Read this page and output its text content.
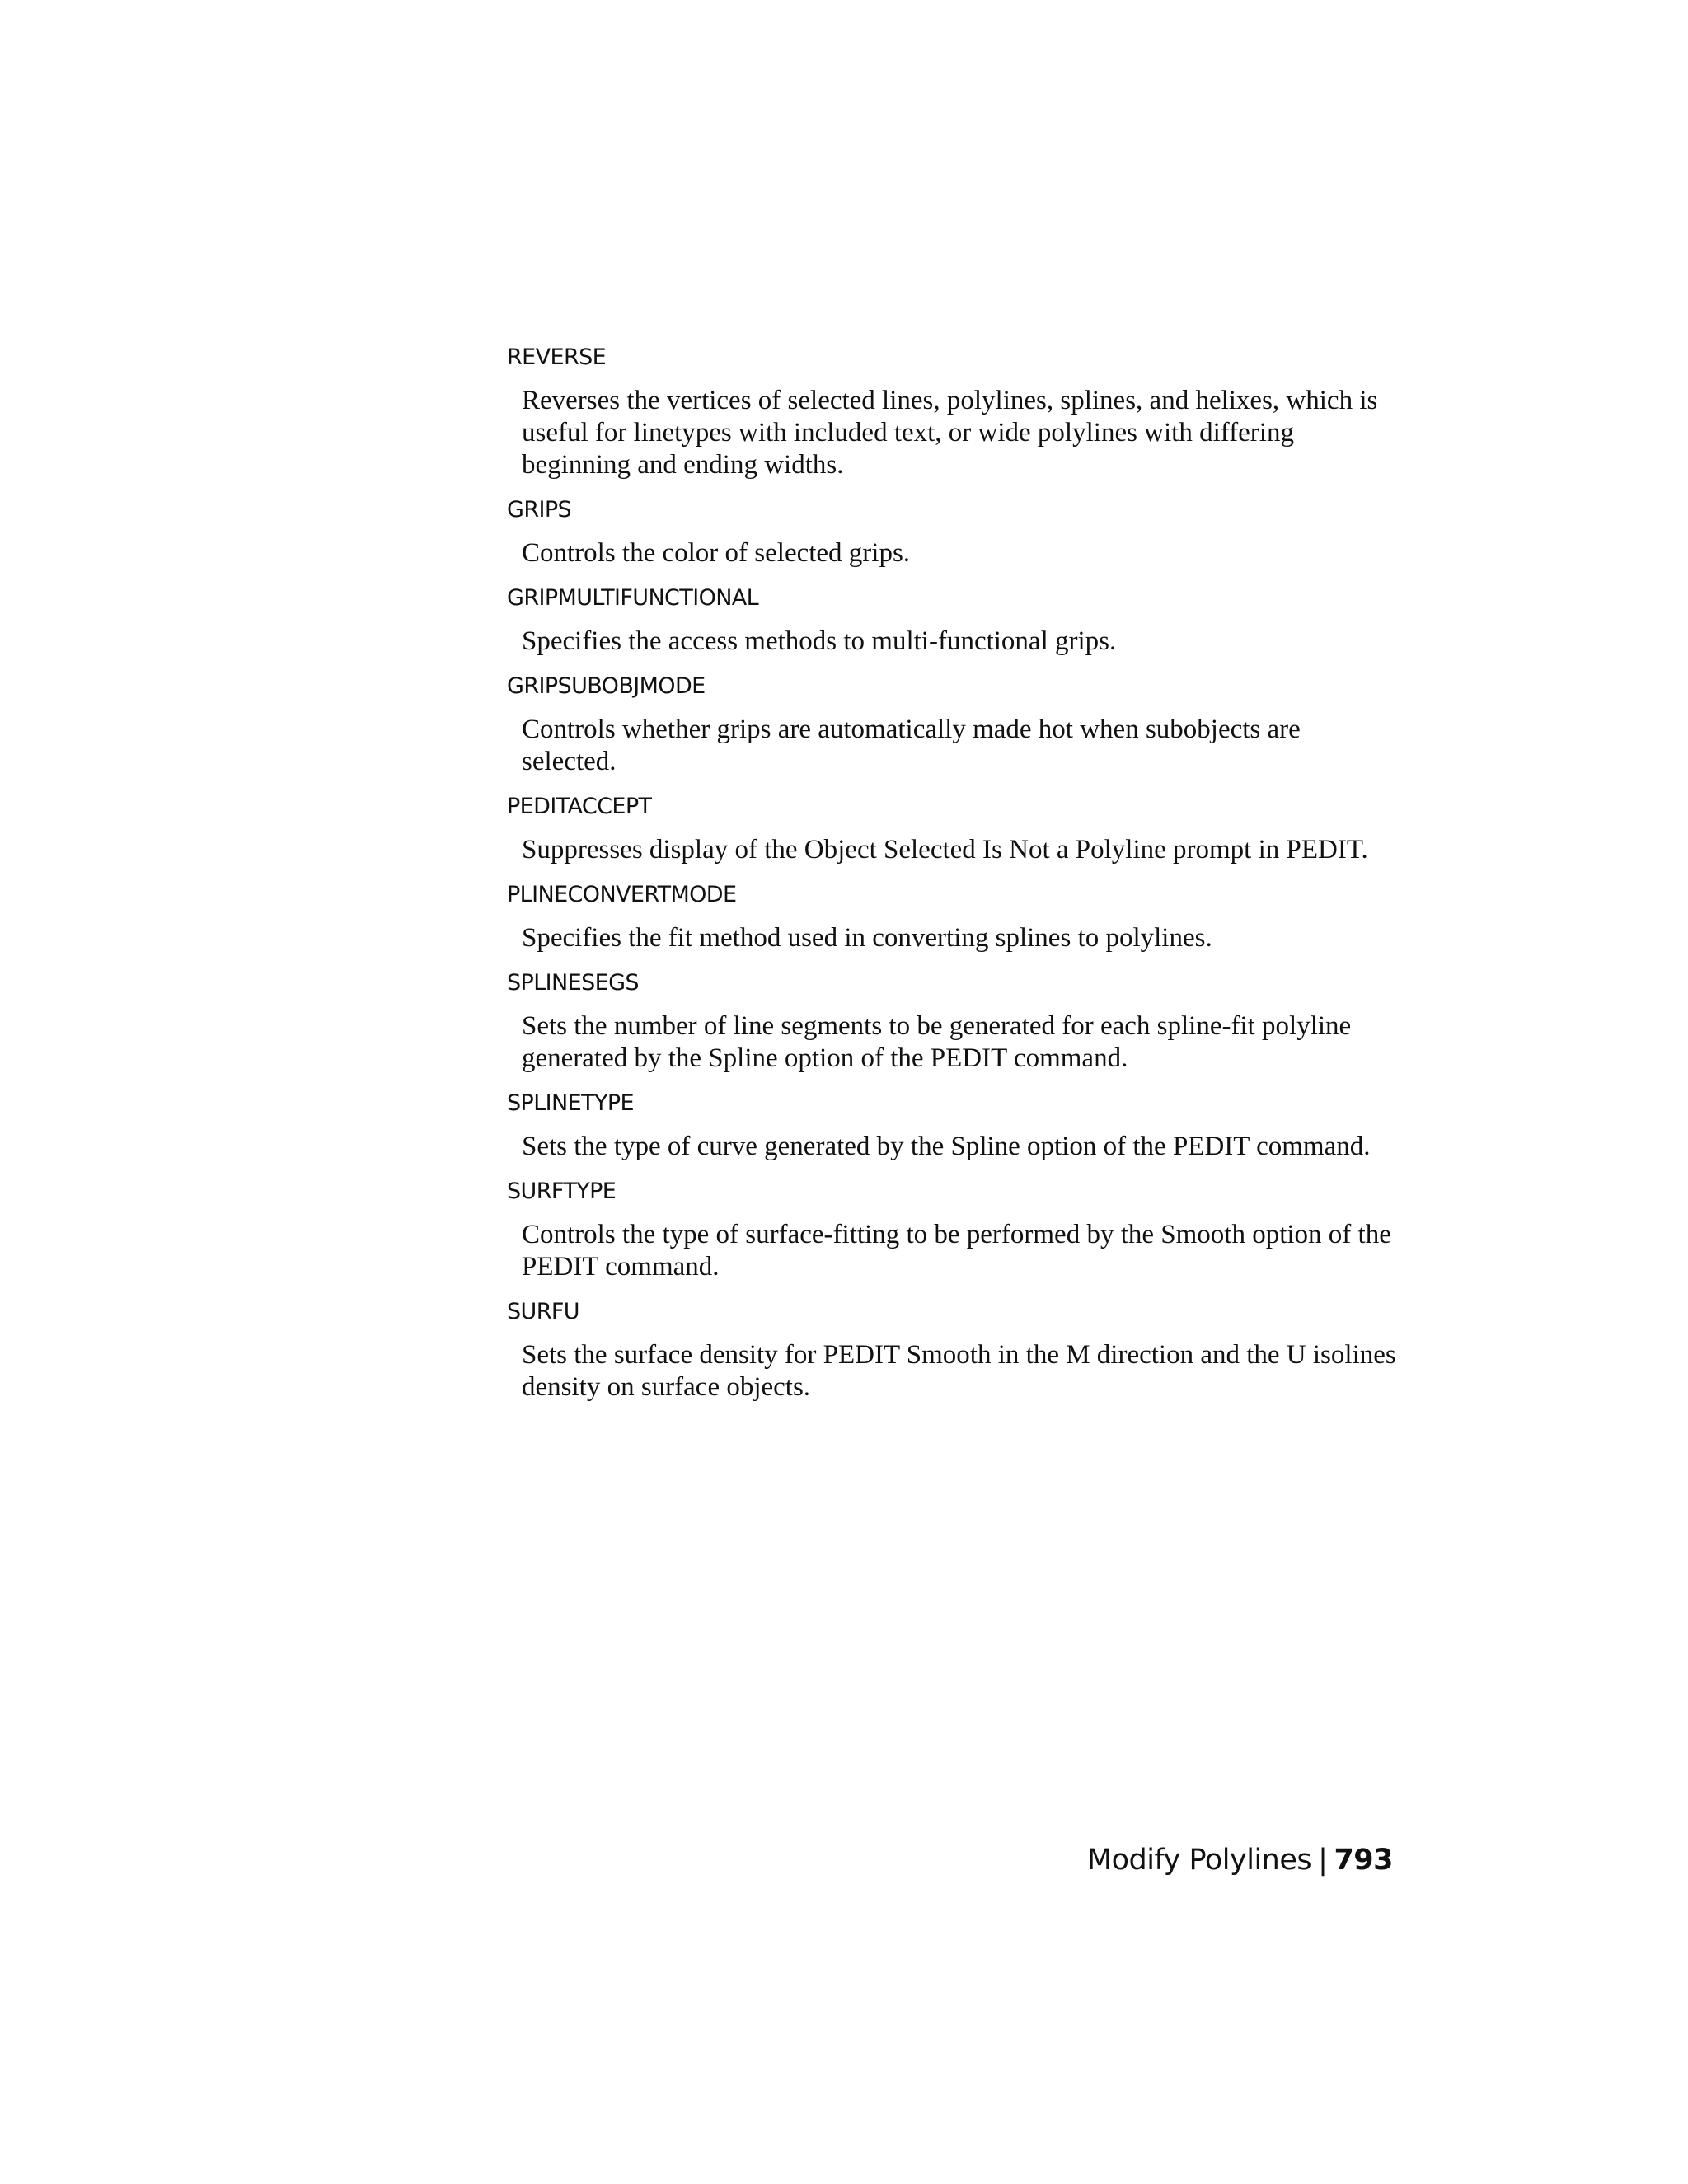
REVERSE
Reverses the vertices of selected lines, polylines, splines, and helixes, which is useful for linetypes with included text, or wide polylines with differing beginning and ending widths.
GRIPS
Controls the color of selected grips.
GRIPMULTIFUNCTIONAL
Specifies the access methods to multi-functional grips.
GRIPSUBOBJMODE
Controls whether grips are automatically made hot when subobjects are selected.
PEDITACCEPT
Suppresses display of the Object Selected Is Not a Polyline prompt in PEDIT.
PLINECONVERTMODE
Specifies the fit method used in converting splines to polylines.
SPLINESEGS
Sets the number of line segments to be generated for each spline-fit polyline generated by the Spline option of the PEDIT command.
SPLINETYPE
Sets the type of curve generated by the Spline option of the PEDIT command.
SURFTYPE
Controls the type of surface-fitting to be performed by the Smooth option of the PEDIT command.
SURFU
Sets the surface density for PEDIT Smooth in the M direction and the U isolines density on surface objects.
Modify Polylines | 793
